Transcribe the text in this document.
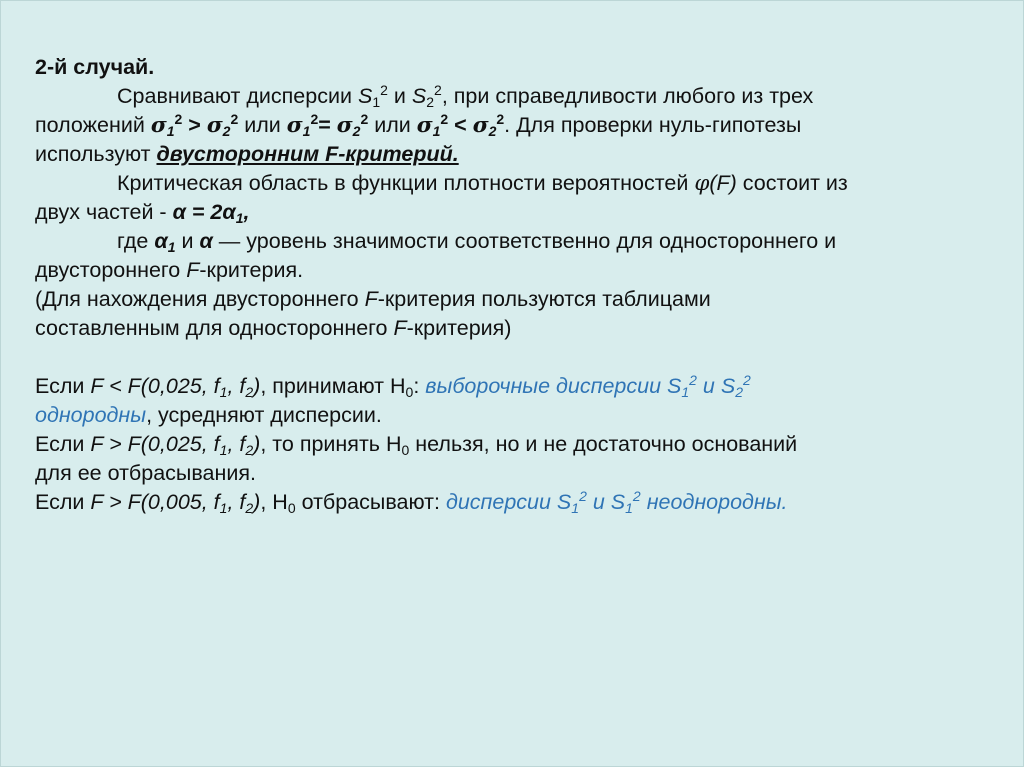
2-й случай.
Сравнивают дисперсии $S_1^2$ и $S_2^2$, при справедливости любого из трех
положений $\sigma_1^2 > \sigma_2^2$ или $\sigma_1^2= \sigma_2^2$ или $\sigma_1^2 < \sigma_2^2$. Для проверки нуль-гипотезы
используют двусторонним F-критерий.
Критическая область в функции плотности вероятностей φ(F) состоит из
двух частей - $\alpha = 2\alpha_1$,
где $\alpha_1$ и α — уровень значимости соответственно для одностороннего и
двустороннего F-критерия.
(Для нахождения двустороннего F-критерия пользуются таблицами
составленным для одностороннего F-критерия)
Если F < F(0,025, $f_1$, $f_2$), принимают $H_0$: выборочные дисперсии $S_1^2$ и $S_2^2$
однородны, усредняют дисперсии.
Если F > F(0,025, $f_1$, $f_2$), то принять $H_0$ нельзя, но и не достаточно оснований
для ее отбрасывания.
Если F > F(0,005, $f_1$, $f_2$), $H_0$ отбрасывают: дисперсии $S_1^2$ и $S_1^2$ неоднородны.
